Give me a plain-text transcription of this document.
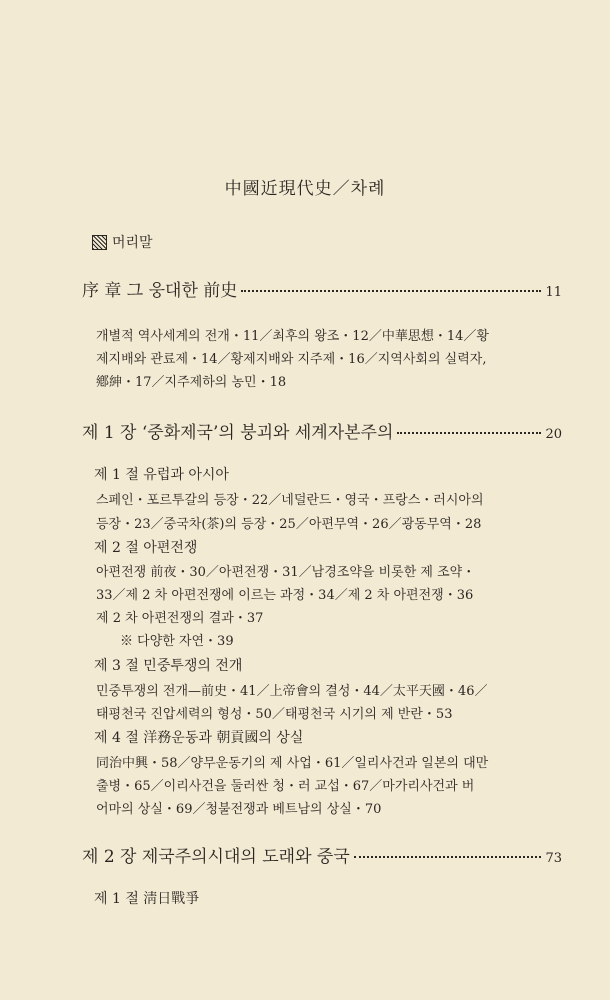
中國近現代史／차례
머리말
序 章 그 웅대한 前史	11
개별적 역사세계의 전개・11／최후의 왕조・12／中華思想・14／황
제지배와 관료제・14／황제지배와 지주제・16／지역사회의 실력자,
鄕紳・17／지주제하의 농민・18
제 1 장 ‘중화제국’의 붕괴와 세계자본주의	20
제 1 절 유럽과 아시아
스페인・포르투갈의 등장・22／네덜란드・영국・프랑스・러시아의
등장・23／중국차(茶)의 등장・25／아편무역・26／광동무역・28
제 2 절 아편전쟁
아편전쟁 前夜・30／아편전쟁・31／남경조약을 비롯한 제 조약・
33／제 2 차 아편전쟁에 이르는 과정・34／제 2 차 아편전쟁・36
제 2 차 아편전쟁의 결과・37
※ 다양한 자연・39
제 3 절 민중투쟁의 전개
민중투쟁의 전개—前史・41／上帝會의 결성・44／太平天國・46／
태평천국 진압세력의 형성・50／태평천국 시기의 제 반란・53
제 4 절 洋務운동과 朝貢國의 상실
同治中興・58／양무운동기의 제 사업・61／일리사건과 일본의 대만
출병・65／이리사건을 둘러싼 청・러 교섭・67／마가리사건과 버
어마의 상실・69／청불전쟁과 베트남의 상실・70
제 2 장 제국주의시대의 도래와 중국	73
제 1 절 淸日戰爭
